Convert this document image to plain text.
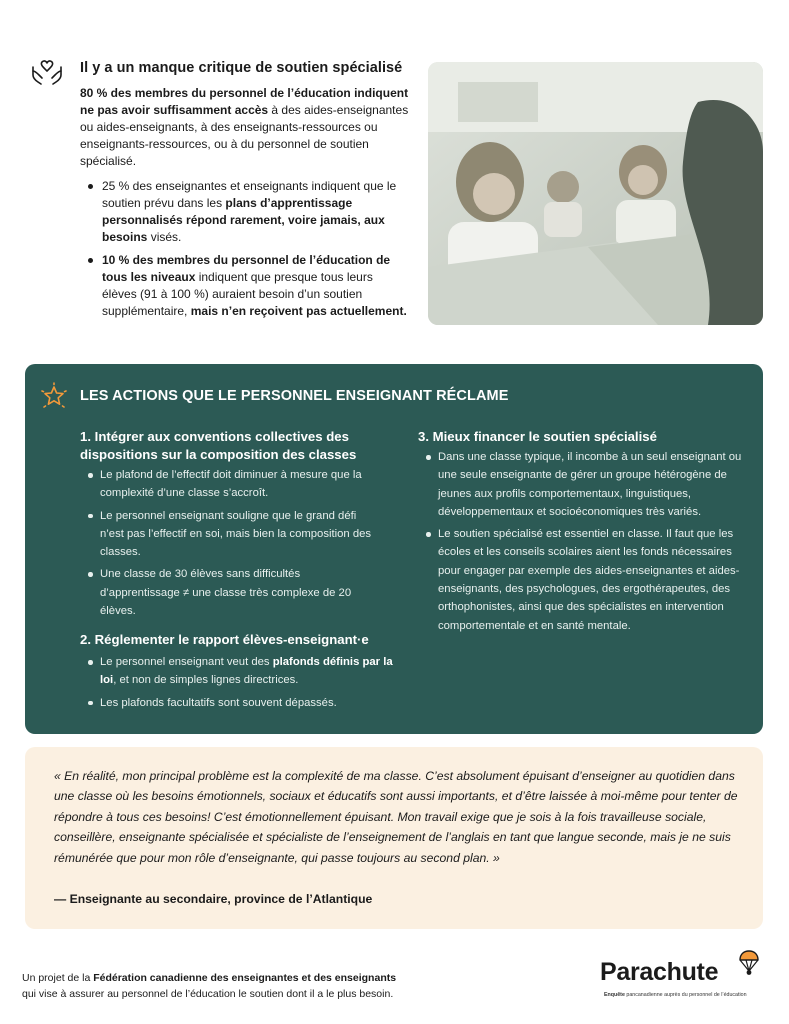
Il y a un manque critique de soutien spécialisé
80 % des membres du personnel de l’éducation indiquent ne pas avoir suffisamment accès à des aides-enseignantes ou aides-enseignants, à des enseignants-ressources ou enseignants-ressources, ou à du personnel de soutien spécialisé.
25 % des enseignantes et enseignants indiquent que le soutien prévu dans les plans d’apprentissage personnalisés répond rarement, voire jamais, aux besoins visés.
10 % des membres du personnel de l’éducation de tous les niveaux indiquent que presque tous leurs élèves (91 à 100 %) auraient besoin d’un soutien supplémentaire, mais n’en reçoivent pas actuellement.
LES ACTIONS QUE LE PERSONNEL ENSEIGNANT RÉCLAME
1. Intégrer aux conventions collectives des dispositions sur la composition des classes
Le plafond de l’effectif doit diminuer à mesure que la complexité d’une classe s’accroît.
Le personnel enseignant souligne que le grand défi n’est pas l’effectif en soi, mais bien la composition des classes.
Une classe de 30 élèves sans difficultés d’apprentissage ≠ une classe très complexe de 20 élèves.
2. Réglementer le rapport élèves-enseignant·e
Le personnel enseignant veut des plafonds définis par la loi, et non de simples lignes directrices.
Les plafonds facultatifs sont souvent dépassés.
3. Mieux financer le soutien spécialisé
Dans une classe typique, il incombe à un seul enseignant ou une seule enseignante de gérer un groupe hétérogène de jeunes aux profils comportementaux, linguistiques, développementaux et socioéconomiques très variés.
Le soutien spécialisé est essentiel en classe. Il faut que les écoles et les conseils scolaires aient les fonds nécessaires pour engager par exemple des aides-enseignantes et aides-enseignants, des psychologues, des ergothérapeutes, des orthophonistes, ainsi que des spécialistes en intervention comportementale et en santé mentale.
« En réalité, mon principal problème est la complexité de ma classe. C’est absolument épuisant d’enseigner au quotidien dans une classe où les besoins émotionnels, sociaux et éducatifs sont aussi importants, et d’être laissée à moi-même pour tenter de répondre à tous ces besoins! C’est émotionnellement épuisant. Mon travail exige que je sois à la fois travailleuse sociale, conseillère, enseignante spécialisée et spécialiste de l’enseignement de l’anglais en tant que langue seconde, mais je ne suis rémunérée que pour mon rôle d’enseignante, qui passe toujours au second plan. »
— Enseignante au secondaire, province de l’Atlantique
Un projet de la Fédération canadienne des enseignantes et des enseignants
qui vise à assurer au personnel de l’éducation le soutien dont il a le plus besoin.
Parachute
Enquête pancanadienne auprès du personnel de l’éducation
